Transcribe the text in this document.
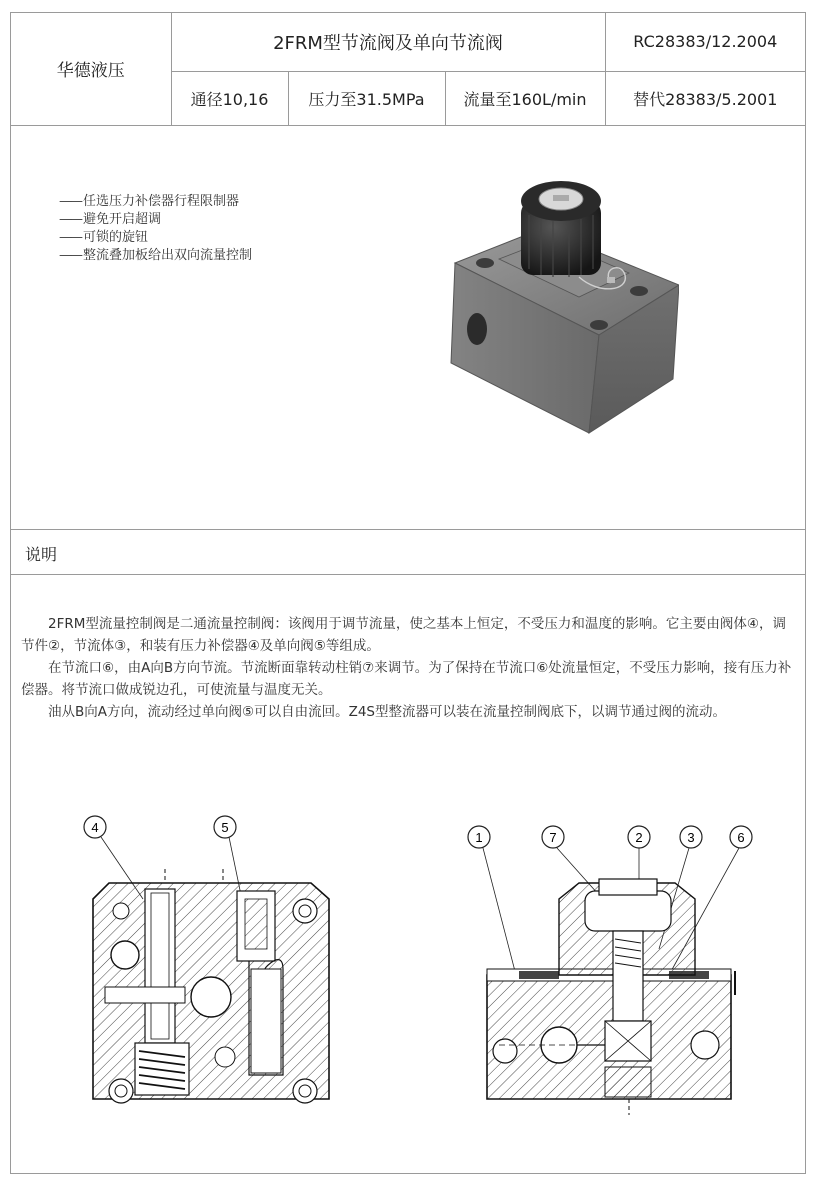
华德液压	2FRM型节流阀及单向节流阀			RC28383/12.2004
	通径10,16	压力至31.5MPa	流量至160L/min	替代28383/5.2001
—— 任选压力补偿器行程限制器
—— 避免开启超调
—— 可锁的旋钮
—— 整流叠加板给出双向流量控制
说明

2FRM型流量控制阀是二通流量控制阀：该阀用于调节流量，使之基本上恒定，不受压力和温度的影响。它主要由阀体④，调节件②，节流体③，和装有压力补偿器④及单向阀⑤等组成。

在节流口⑥，由A向B方向节流。节流断面靠转动柱销⑦来调节。为了保持在节流口⑥处流量恒定，不受压力影响，接有压力补偿器。将节流口做成锐边孔，可使流量与温度无关。

油从B向A方向，流动经过单向阀⑤可以自由流回。Z4S型整流器可以装在流量控制阀底下，以调节通过阀的流动。

4	5
1	7	2	3	6
